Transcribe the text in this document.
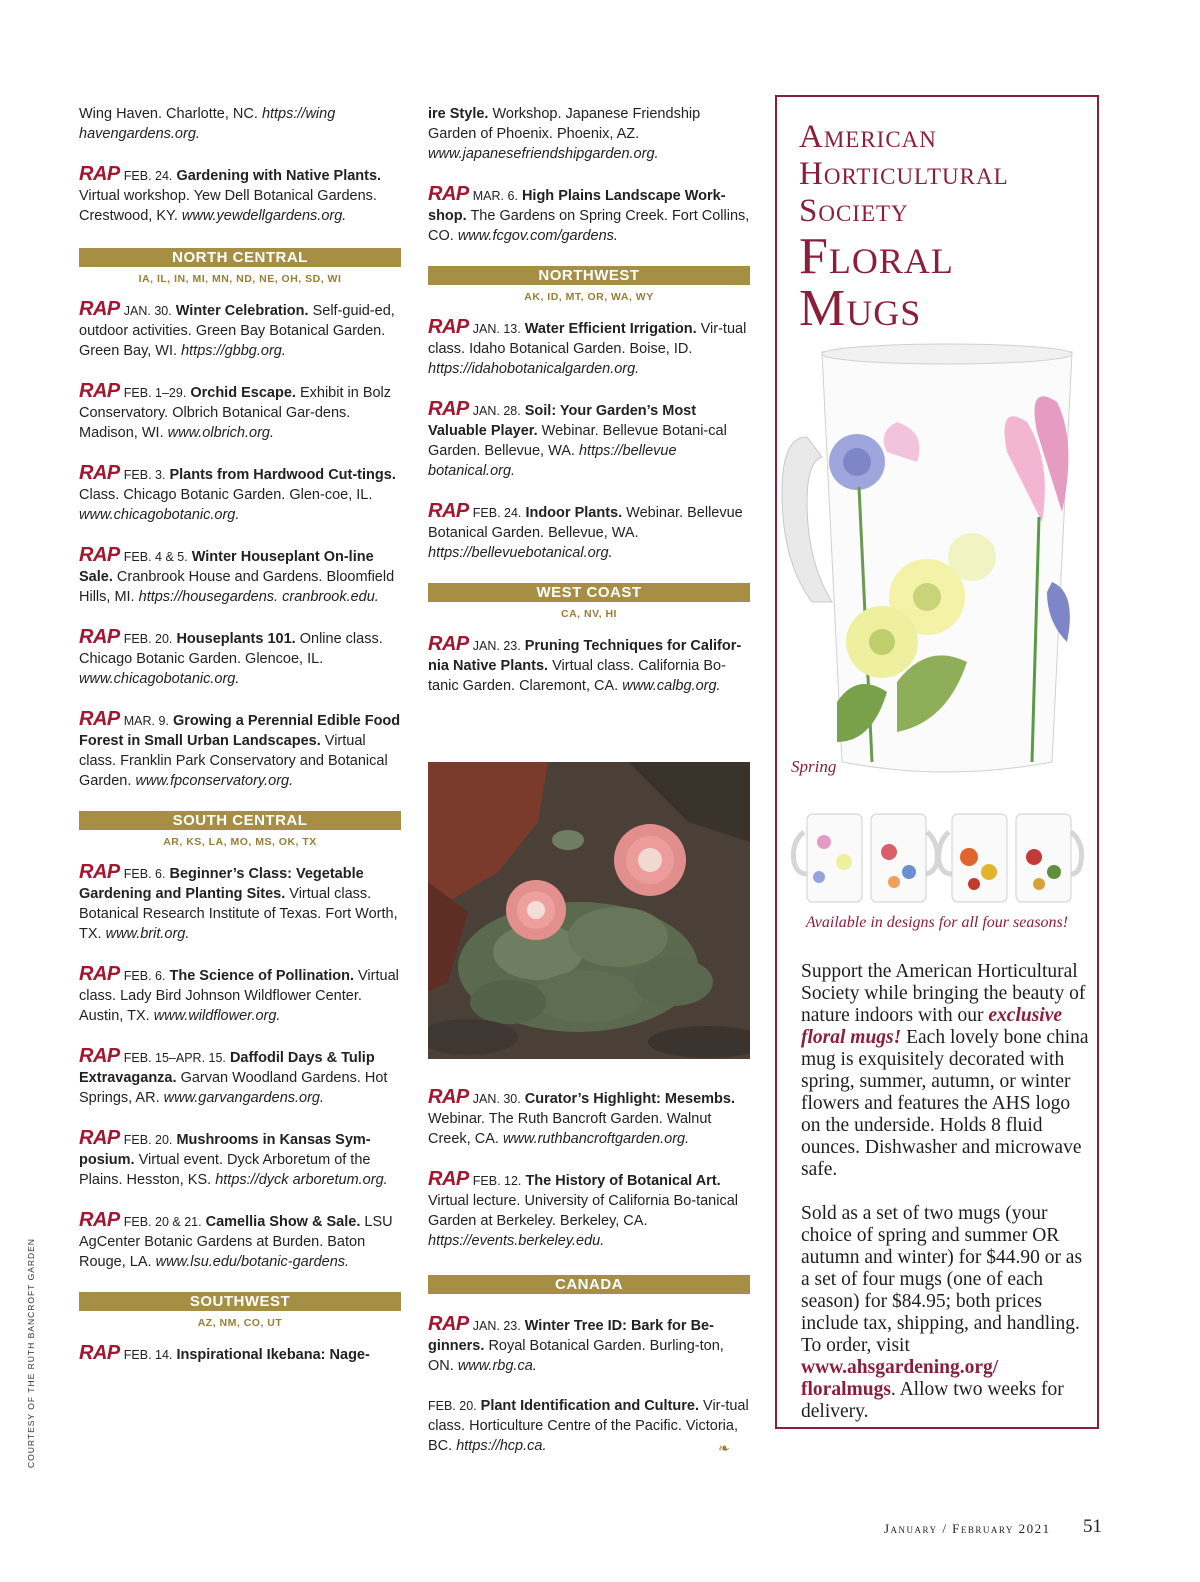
Wing Haven. Charlotte, NC. https://wing havengardens.org.
RAP FEB. 24. Gardening with Native Plants. Virtual workshop. Yew Dell Botanical Gardens. Crestwood, KY. www.yewdellgardens.org.
NORTH CENTRAL
IA, IL, IN, MI, MN, ND, NE, OH, SD, WI
RAP JAN. 30. Winter Celebration. Self-guid-ed, outdoor activities. Green Bay Botanical Garden. Green Bay, WI. https://gbbg.org.
RAP FEB. 1–29. Orchid Escape. Exhibit in Bolz Conservatory. Olbrich Botanical Gar-dens. Madison, WI. www.olbrich.org.
RAP FEB. 3. Plants from Hardwood Cut-tings. Class. Chicago Botanic Garden. Glen-coe, IL. www.chicagobotanic.org.
RAP FEB. 4 & 5. Winter Houseplant On-line Sale. Cranbrook House and Gardens. Bloomfield Hills, MI. https://housegardens. cranbrook.edu.
RAP FEB. 20. Houseplants 101. Online class. Chicago Botanic Garden. Glencoe, IL. www.chicagobotanic.org.
RAP MAR. 9. Growing a Perennial Edible Food Forest in Small Urban Landscapes. Virtual class. Franklin Park Conservatory and Botanical Garden. www.fpconservatory.org.
SOUTH CENTRAL
AR, KS, LA, MO, MS, OK, TX
RAP FEB. 6. Beginner’s Class: Vegetable Gardening and Planting Sites. Virtual class. Botanical Research Institute of Texas. Fort Worth, TX. www.brit.org.
RAP FEB. 6. The Science of Pollination. Virtual class. Lady Bird Johnson Wildflower Center. Austin, TX. www.wildflower.org.
RAP FEB. 15–APR. 15. Daffodil Days & Tulip Extravaganza. Garvan Woodland Gardens. Hot Springs, AR. www.garvangardens.org.
RAP FEB. 20. Mushrooms in Kansas Sym-posium. Virtual event. Dyck Arboretum of the Plains. Hesston, KS. https://dyck arboretum.org.
RAP FEB. 20 & 21. Camellia Show & Sale. LSU AgCenter Botanic Gardens at Burden. Baton Rouge, LA. www.lsu.edu/botanic-gardens.
SOUTHWEST
AZ, NM, CO, UT
RAP FEB. 14. Inspirational Ikebana: Nage-
ire Style. Workshop. Japanese Friendship Garden of Phoenix. Phoenix, AZ. www.japanesefriendshipgarden.org.
RAP MAR. 6. High Plains Landscape Work-shop. The Gardens on Spring Creek. Fort Collins, CO. www.fcgov.com/gardens.
NORTHWEST
AK, ID, MT, OR, WA, WY
RAP JAN. 13. Water Efficient Irrigation. Vir-tual class. Idaho Botanical Garden. Boise, ID. https://idahobotanicalgarden.org.
RAP JAN. 28. Soil: Your Garden’s Most Valuable Player. Webinar. Bellevue Botani-cal Garden. Bellevue, WA. https://bellevue botanical.org.
RAP FEB. 24. Indoor Plants. Webinar. Bellevue Botanical Garden. Bellevue, WA. https://bellevuebotanical.org.
WEST COAST
CA, NV, HI
RAP JAN. 23. Pruning Techniques for Califor-nia Native Plants. Virtual class. California Bo-tanic Garden. Claremont, CA. www.calbg.org.
RAP JAN. 30. Curator’s Highlight: Mesembs. Webinar. The Ruth Bancroft Garden. Walnut Creek, CA. www.ruthbancroftgarden.org.
RAP FEB. 12. The History of Botanical Art. Virtual lecture. University of California Bo-tanical Garden at Berkeley. Berkeley, CA. https://events.berkeley.edu.
CANADA
RAP JAN. 23. Winter Tree ID: Bark for Be-ginners. Royal Botanical Garden. Burling-ton, ON. www.rbg.ca.
FEB. 20. Plant Identification and Culture. Vir-tual class. Horticulture Centre of the Pacific. Victoria, BC. https://hcp.ca.	❧
American
Horticultural
Society
Floral
Mugs
Spring
Available in designs for all four seasons!

Support the American Horticultural Society while bringing the beauty of nature indoors with our exclusive floral mugs! Each lovely bone china mug is exquisitely decorated with spring, summer, autumn, or winter flowers and features the AHS logo on the underside. Holds 8 fluid ounces. Dishwasher and microwave safe.

Sold as a set of two mugs (your choice of spring and summer OR autumn and winter) for $44.90 or as a set of four mugs (one of each season) for $84.95; both prices include tax, shipping, and handling. To order, visit www.ahsgardening.org/ floralmugs. Allow two weeks for delivery.

COURTESY OF THE RUTH BANCROFT GARDEN
January / February 2021 51
